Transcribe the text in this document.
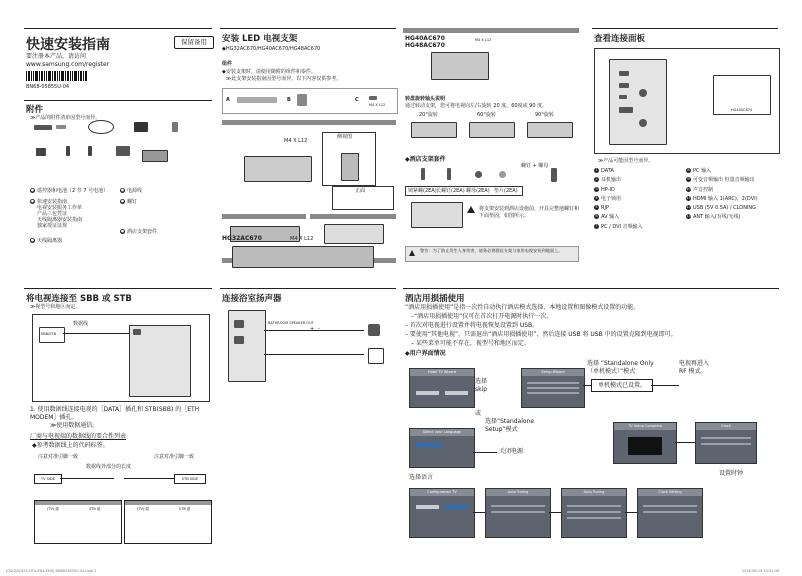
快速安装指南	保留备用
要注册本产品，请访问
www.samsung.com/register
BN68-05855U-04
附件
≫产品的附件清单因型号而异。
● 遥控器和电池（2 节 7 号电池）	● 电源线
● 快速安装指南	● 螺钉
电视安装服务工作单
产品三包凭证
天线隔离器安装指南
独家授证证规
● 天线隔离器
● 酒店支架套件
安装 LED 电视支架
◆HG32AC670/HG40AC670/HG48AC670
组件
◆安装支架时，请使用随附的组件和零件。
≫此支架安装指南因型号而异。以下内容仅供参考。
A	B	C
M4 X L12
侧视图
正面
M4 X L12
HG32AC670	M4 X L12
HG40AC670
HG48AC670
M4 X L12
转盘旋转轴头说明
通过转动支架，您可将电视向左/右旋转 20 度、60度或 90 度。
20°旋转	60°旋转	90°旋转
◆酒店支架套件
螺钉 + 螺母
锁紧螺(2EA) 长螺钉(2EA) 螺母(2EA) 垫片(2EA)
将支架安装到酒店设施前，开具完整地螺钉和下面垫固，如图所示。
警告：为了防止发生人身伤害，请务必将酒店支架与家用电视安装到地面上。
查看连接面板
HG40AC670
≫产品可能因型号而异。
1 DATA
2 耳机输出
3 HP-ID
4 电子锁用
5 RJP
6 AV 输入
7 PC / DVI 音频输入
8 PC 输入
9 可变音频输出 恒量音频输出
10 声音控制
11 HDMI 输入 1(ARC)，2(DVI)
12 USB (5V 0.5A) / CLONING
13 ANT 输入(有线/无线)
将电视连接至 SBB 或 STB
≫视型号和地区而定。
SBB/STB
数据线
1. 使用数据线连接电视的［DATA］插孔和 STB(SBB) 的［ETH MODEM］插孔。
≫使用数据通信。
厂商与电视端的数据线的要合性列表
◆参考数据线上的代码标签。
注意对准引脚一致
数据线外部分的长度
注意对准引脚一致
TV SIDE	STB SIDE
(TV) 端	STB 端	(TV) 端	STB 端
连接浴室扬声器
BATHROOM SPEAKER OUT
+ -
酒店用损插使用
“酒店用损插使用”是指一次性自动执行酒店模式选择、本地设置和图像模式设置的功能。
–“酒店用损插使用”仅可在首次打开电源时执行一次。
– 首次对电视进行设置并将电视恢复设置到 USB。
– 要使用“其他电视”，只需退出“酒店用损插使用”，然后连接 USB 将 USB 中的设置克隆到电视即可。
– 某些菜单可能不存在，视型号和地区而定。
◆用户界面情况
Hotel TV Wizard	Setup Wizard
选择
skip
选择 “Standalone Only
（单机模式）”模式
单机模式已设置。
电视再进入
RF 模式。
或
选择“Standalone
Setup”模式
Select your Language
关闭电源
TV Setup Complete	Clock
设置时钟
选择语言
Configuration TV	Auto Tuning	Auto Tuning	Clock Setting
[QSG]AC670-HTA-XN4-XMS] BN6805855U-04.indd 1	2016-06-16 10:51:49
